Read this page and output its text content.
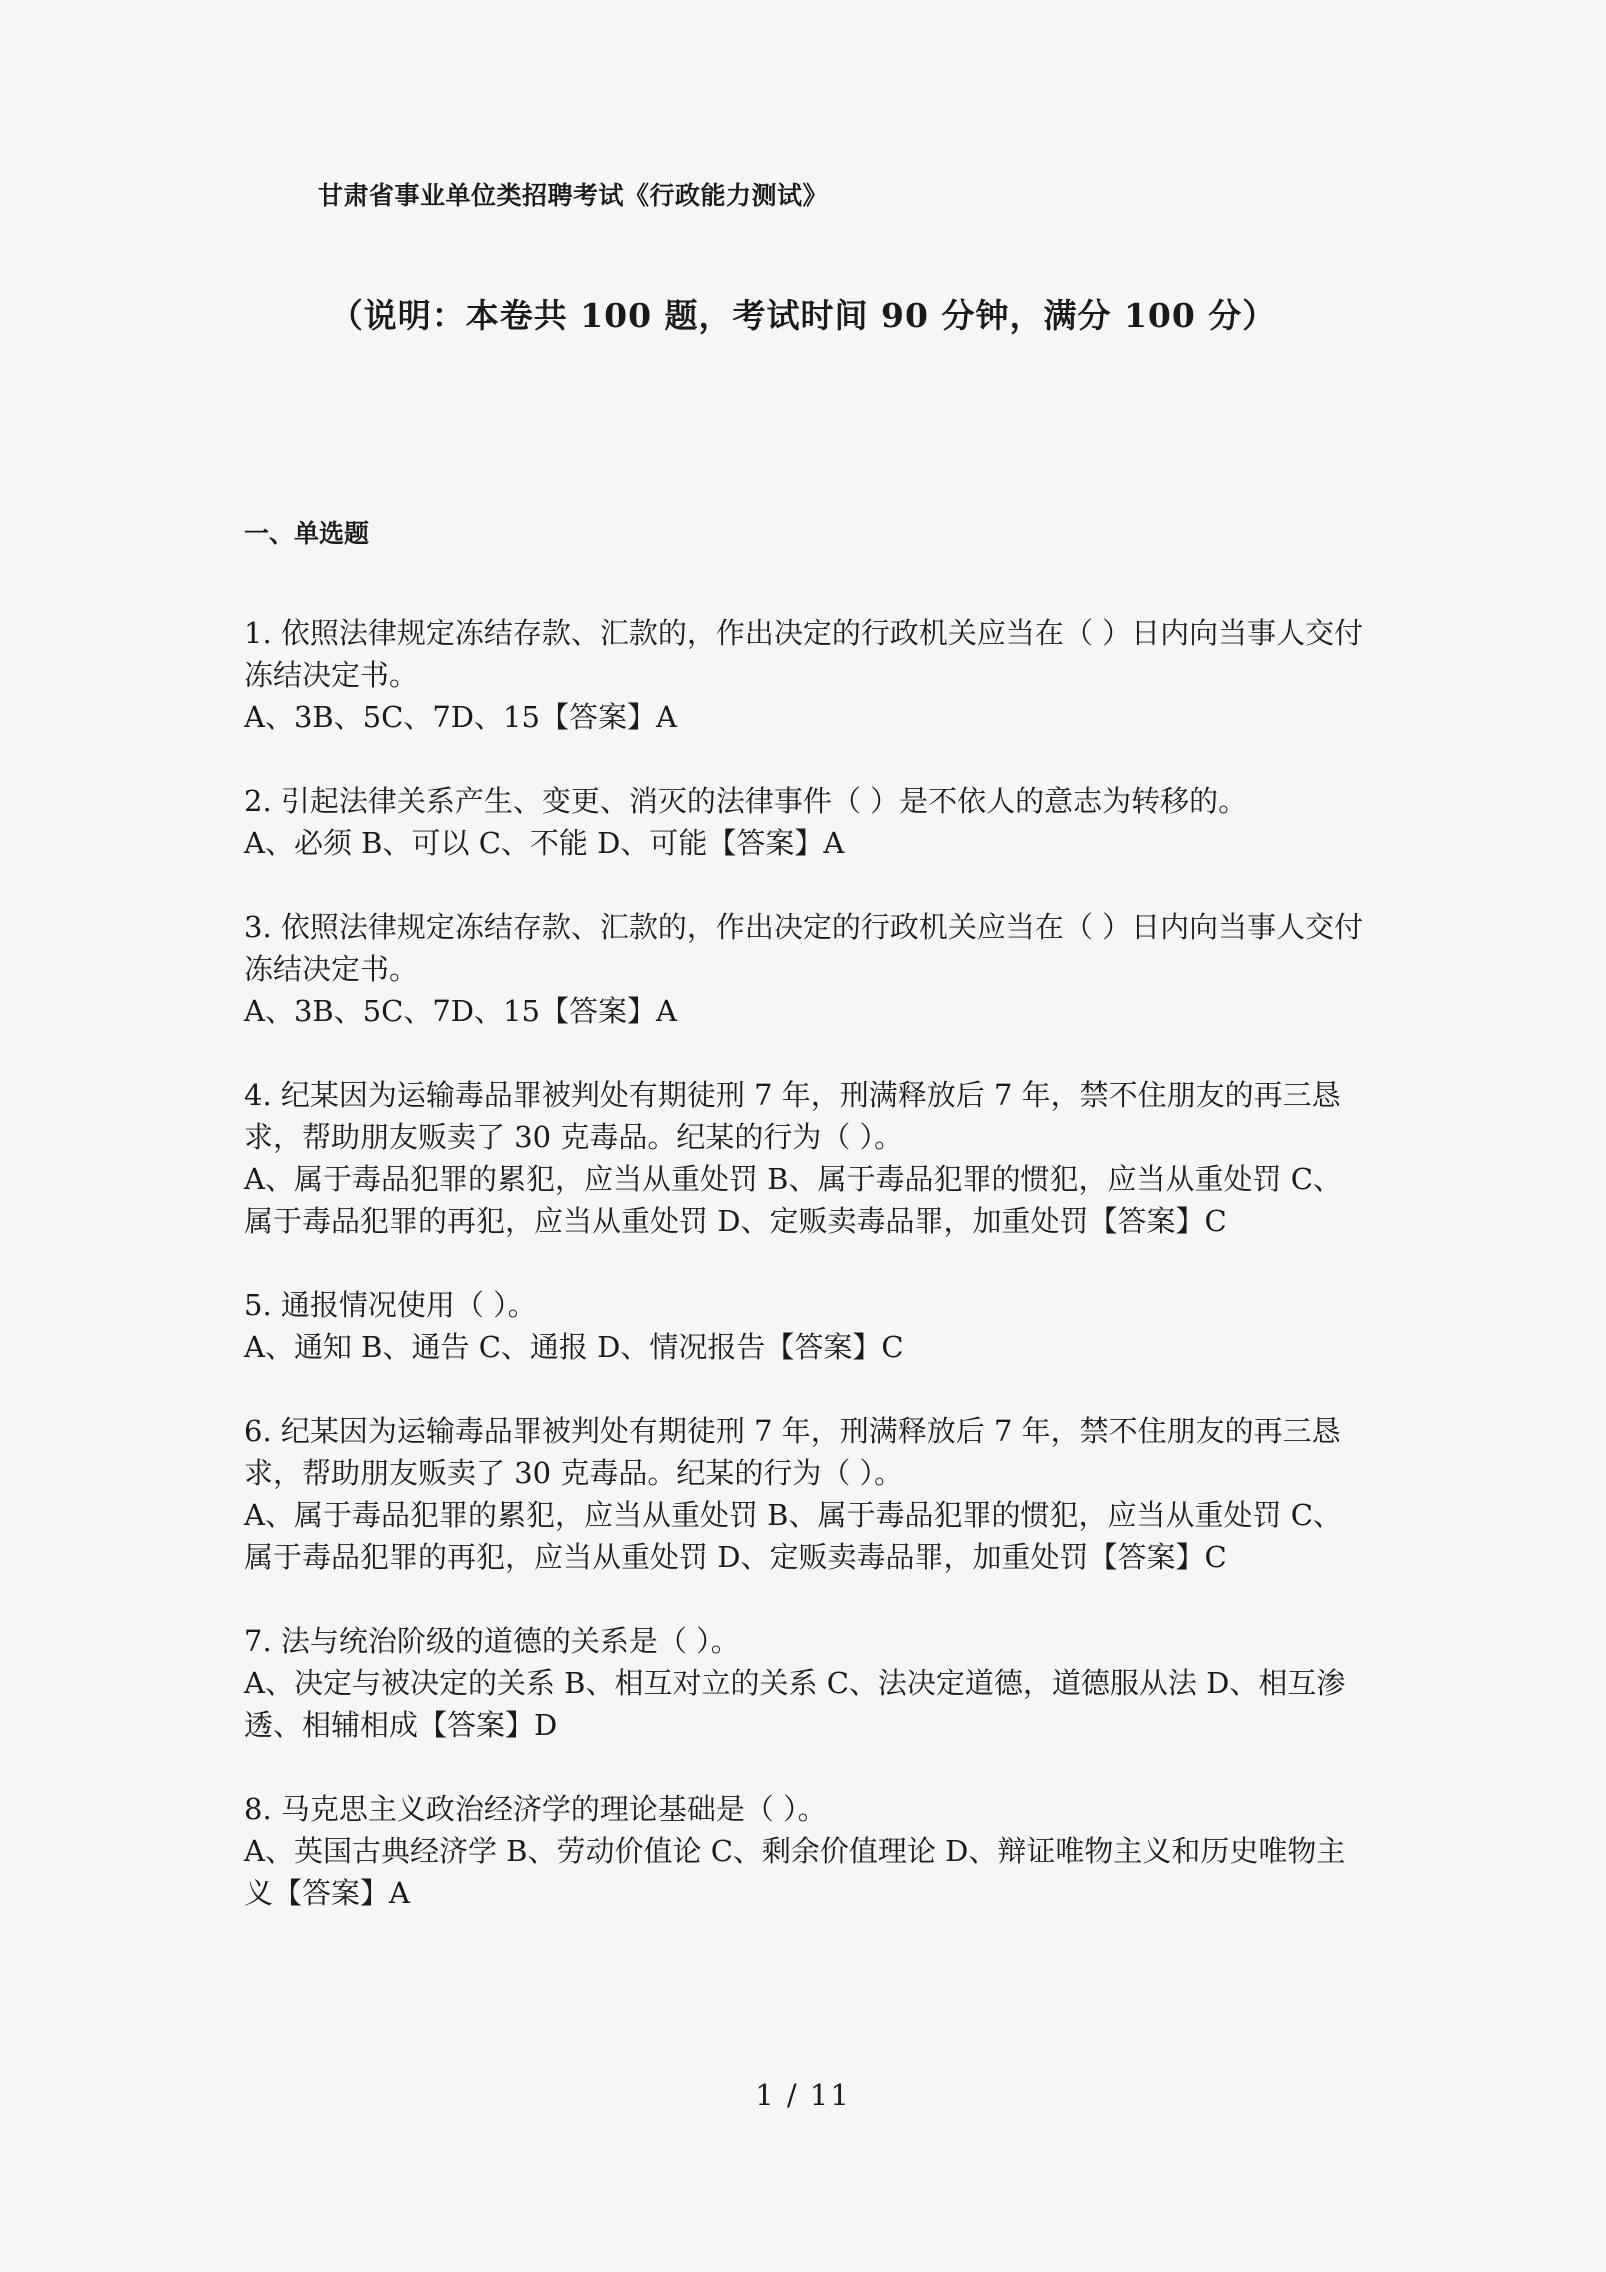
甘肃省事业单位类招聘考试《行政能力测试》
（说明：本卷共 100 题，考试时间 90 分钟，满分 100 分）
一、单选题

1. 依照法律规定冻结存款、汇款的，作出决定的行政机关应当在（ ）日内向当事人交付冻结决定书。

A、3B、5C、7D、15【答案】A

2. 引起法律关系产生、变更、消灭的法律事件（ ）是不依人的意志为转移的。

A、必须 B、可以 C、不能 D、可能【答案】A

3. 依照法律规定冻结存款、汇款的，作出决定的行政机关应当在（ ）日内向当事人交付冻结决定书。

A、3B、5C、7D、15【答案】A

4. 纪某因为运输毒品罪被判处有期徒刑 7 年，刑满释放后 7 年，禁不住朋友的再三恳求，帮助朋友贩卖了 30 克毒品。纪某的行为（ ）。

A、属于毒品犯罪的累犯，应当从重处罚 B、属于毒品犯罪的惯犯，应当从重处罚 C、属于毒品犯罪的再犯，应当从重处罚 D、定贩卖毒品罪，加重处罚【答案】C

5. 通报情况使用（ ）。

A、通知 B、通告 C、通报 D、情况报告【答案】C

6. 纪某因为运输毒品罪被判处有期徒刑 7 年，刑满释放后 7 年，禁不住朋友的再三恳求，帮助朋友贩卖了 30 克毒品。纪某的行为（ ）。

A、属于毒品犯罪的累犯，应当从重处罚 B、属于毒品犯罪的惯犯，应当从重处罚 C、属于毒品犯罪的再犯，应当从重处罚 D、定贩卖毒品罪，加重处罚【答案】C

7. 法与统治阶级的道德的关系是（ ）。

A、决定与被决定的关系 B、相互对立的关系 C、法决定道德，道德服从法 D、相互渗透、相辅相成【答案】D

8. 马克思主义政治经济学的理论基础是（ ）。

A、英国古典经济学 B、劳动价值论 C、剩余价值理论 D、辩证唯物主义和历史唯物主义【答案】A

1 / 11
